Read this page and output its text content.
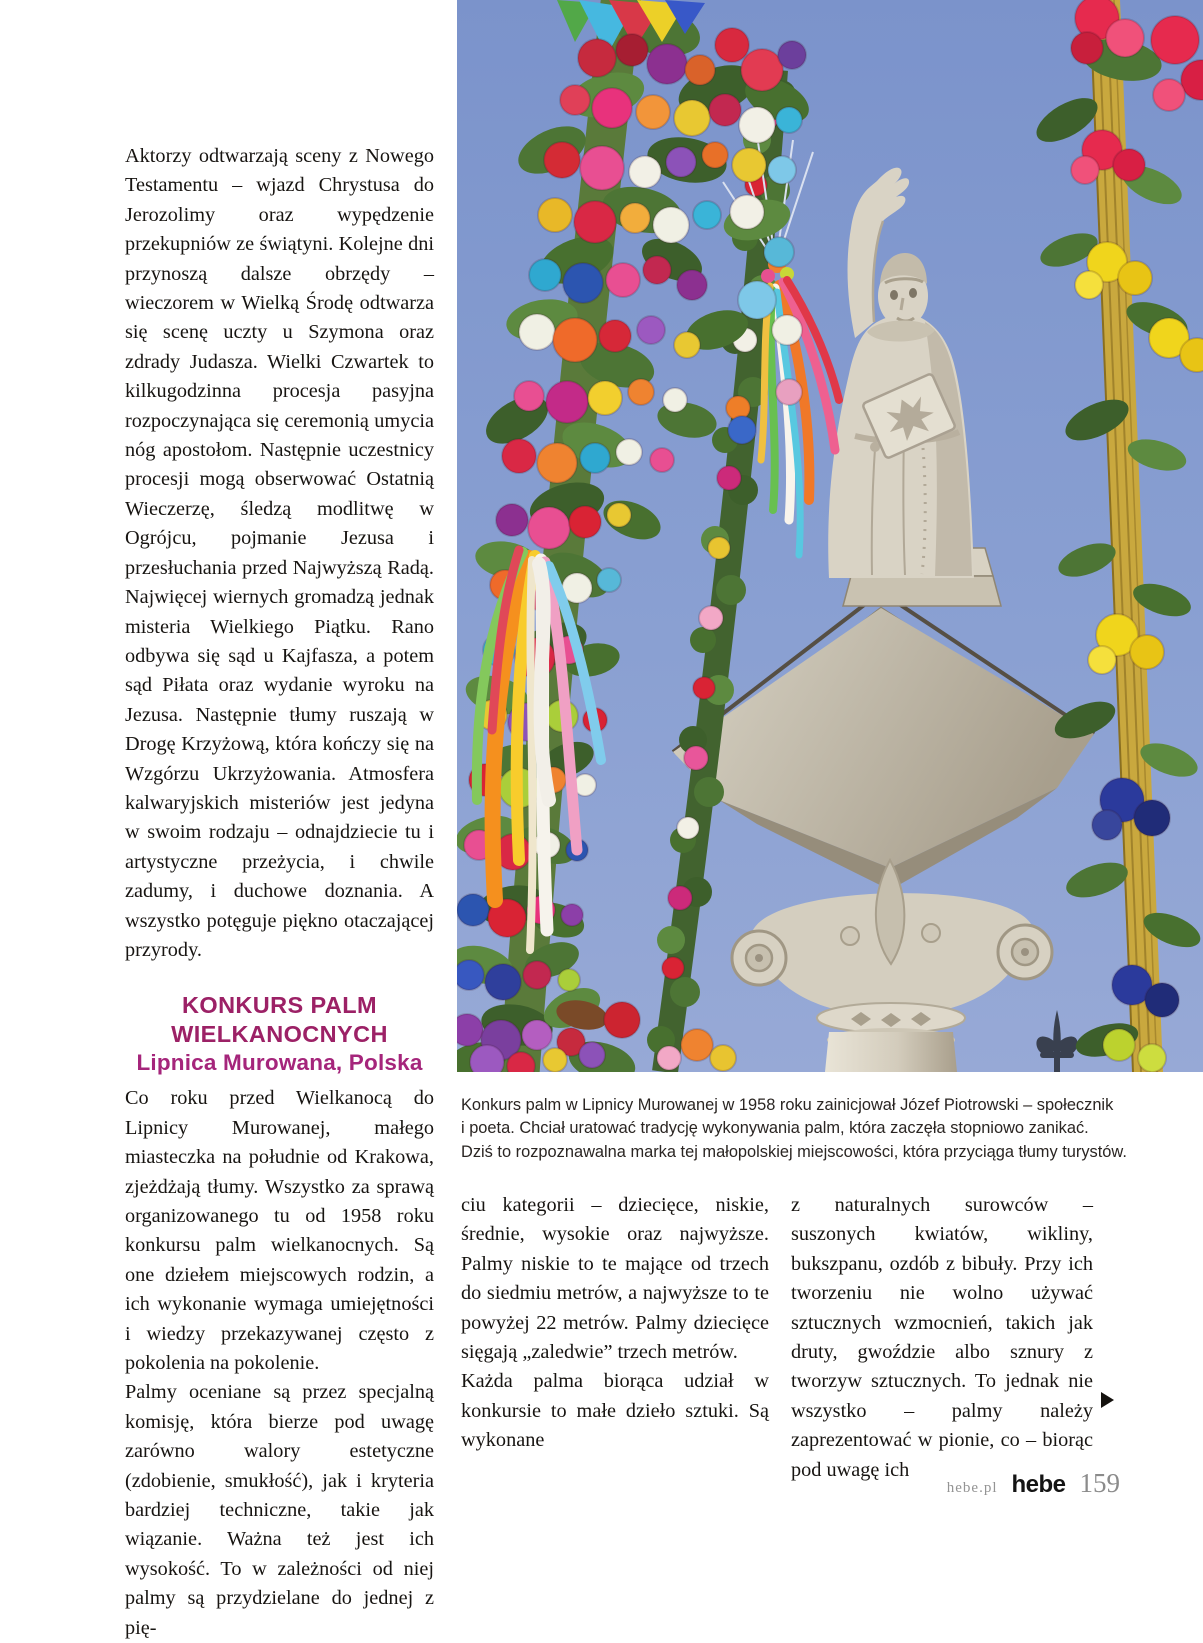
Aktorzy odtwarzają sceny z Nowego Testamentu – wjazd Chrystusa do Jerozolimy oraz wypędzenie przekupniów ze świątyni. Kolejne dni przynoszą dalsze obrzędy – wieczorem w Wielką Środę odtwarza się scenę uczty u Szymona oraz zdrady Judasza. Wielki Czwartek to kilkugodzinna procesja pasyjna rozpoczynająca się ceremonią umycia nóg apostołom. Następnie uczestnicy procesji mogą obserwować Ostatnią Wieczerzę, śledzą modlitwę w Ogrójcu, pojmanie Jezusa i przesłuchania przed Najwyższą Radą. Najwięcej wiernych gromadzą jednak misteria Wielkiego Piątku. Rano odbywa się sąd u Kajfasza, a potem sąd Piłata oraz wydanie wyroku na Jezusa. Następnie tłumy ruszają w Drogę Krzyżową, która kończy się na Wzgórzu Ukrzyżowania. Atmosfera kalwaryjskich misteriów jest jedyna w swoim rodzaju – odnajdziecie tu i artystyczne przeżycia, i chwile zadumy, i duchowe doznania. A wszystko potęguje piękno otaczającej przyrody.

KONKURS PALM
WIELKANOCNYCH
Lipnica Murowana, Polska

Co roku przed Wielkanocą do Lipnicy Murowanej, małego miasteczka na południe od Krakowa, zjeżdżają tłumy. Wszystko za sprawą organizowanego tu od 1958 roku konkursu palm wielkanocnych. Są one dziełem miejscowych rodzin, a ich wykonanie wymaga umiejętności i wiedzy przekazywanej często z pokolenia na pokolenie.

Palmy oceniane są przez specjalną komisję, która bierze pod uwagę zarówno walory estetyczne (zdobienie, smukłość), jak i kryteria bardziej techniczne, takie jak wiązanie. Ważna też jest ich wysokość. To w zależności od niej palmy są przydzielane do jednej z pię-

Konkurs palm w Lipnicy Murowanej w 1958 roku zainicjował Józef Piotrowski – społecznik
i poeta. Chciał uratować tradycję wykonywania palm, która zaczęła stopniowo zanikać.
Dziś to rozpoznawalna marka tej małopolskiej miejscowości, która przyciąga tłumy turystów.

ciu kategorii – dziecięce, niskie, średnie, wysokie oraz najwyższe. Palmy niskie to te mające od trzech do siedmiu metrów, a najwyższe to te powyżej 22 metrów. Palmy dziecięce sięgają „zaledwie” trzech metrów.

Każda palma biorąca udział w konkursie to małe dzieło sztuki. Są wykonane

z naturalnych surowców – suszonych kwiatów, wikliny, bukszpanu, ozdób z bibuły. Przy ich tworzeniu nie wolno używać sztucznych wzmocnień, takich jak druty, gwoździe albo sznury z tworzyw sztucznych. To jednak nie wszystko – palmy należy zaprezentować w pionie, co – biorąc pod uwagę ich

hebe.pl hebe 159
